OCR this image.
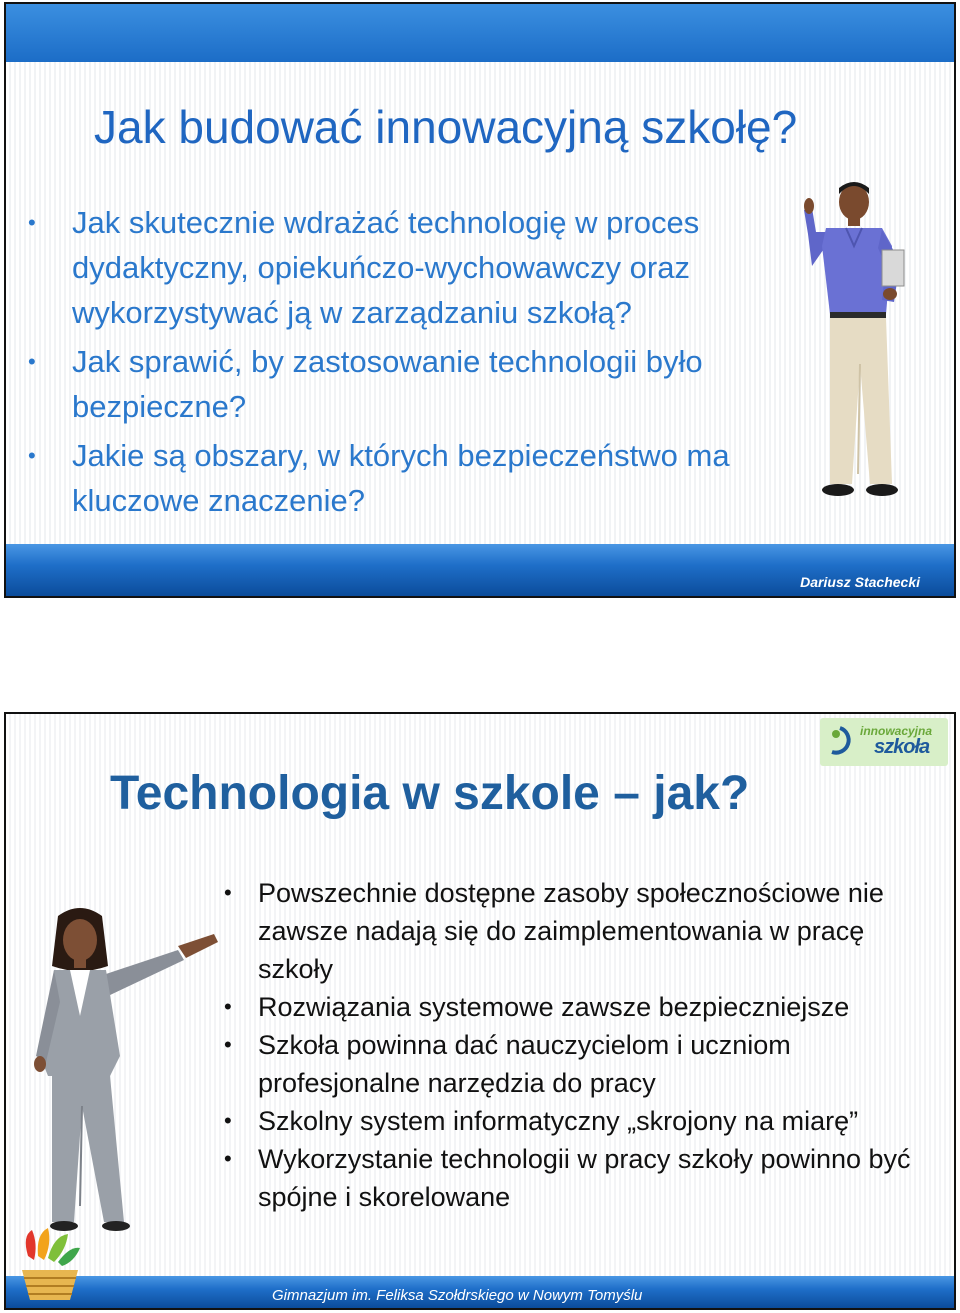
Jak budować innowacyjną szkołę?
• Jak skutecznie wdrażać technologię w proces dydaktyczny, opiekuńczo-wychowawczy oraz wykorzystywać ją w zarządzaniu szkołą?
• Jak sprawić, by zastosowanie technologii było bezpieczne?
• Jakie są obszary, w których bezpieczeństwo ma kluczowe znaczenie?
Dariusz Stachecki
innowacyjna
szkoła
Technologia w szkole – jak?
• Powszechnie dostępne zasoby społecznościowe nie zawsze nadają się do zaimplementowania w pracę szkoły
• Rozwiązania systemowe zawsze bezpieczniejsze
• Szkoła powinna dać nauczycielom i uczniom profesjonalne narzędzia do pracy
• Szkolny system informatyczny „skrojony na miarę”
• Wykorzystanie technologii w pracy szkoły powinno być spójne i skorelowane
Gimnazjum im. Feliksa Szołdrskiego w Nowym Tomyślu
